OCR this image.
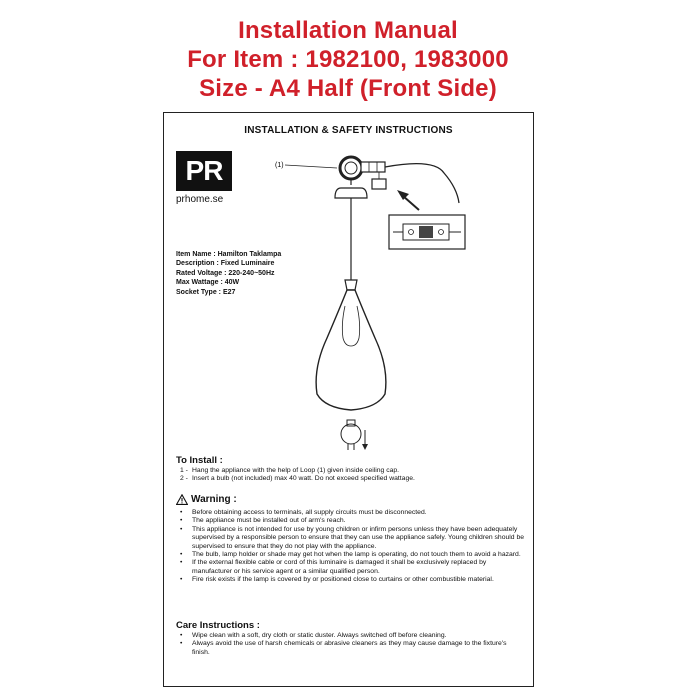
Installation Manual
For Item : 1982100, 1983000
Size - A4 Half (Front Side)
INSTALLATION & SAFETY INSTRUCTIONS
PR
prhome.se
Item Name : Hamilton Taklampa
Description : Fixed Luminaire
Rated Voltage : 220-240~50Hz
Max Wattage : 40W
Socket Type : E27
(1)
To Install :
1 - Hang the appliance with the help of Loop (1) given inside ceiling cap.
2 - Insert a bulb (not included) max 40 watt. Do not exceed specified wattage.
Warning :
• Before obtaining access to terminals, all supply circuits must be disconnected.
• The appliance must be installed out of arm's reach.
• This appliance is not intended for use by young children or infirm persons unless they have been adequately supervised by a responsible person to ensure that they can use the appliance safely. Young children should be supervised to ensure that they do not play with the appliance.
• The bulb, lamp holder or shade may get hot when the lamp is operating, do not touch them to avoid a hazard.
• If the external flexible cable or cord of this luminaire is damaged it shall be exclusively replaced by manufacturer or his service agent or a similar qualified person.
• Fire risk exists if the lamp is covered by or positioned close to curtains or other combustible material.
Care Instructions :
• Wipe clean with a soft, dry cloth or static duster. Always switched off before cleaning.
• Always avoid the use of harsh chemicals or abrasive cleaners as they may cause damage to the fixture's finish.
